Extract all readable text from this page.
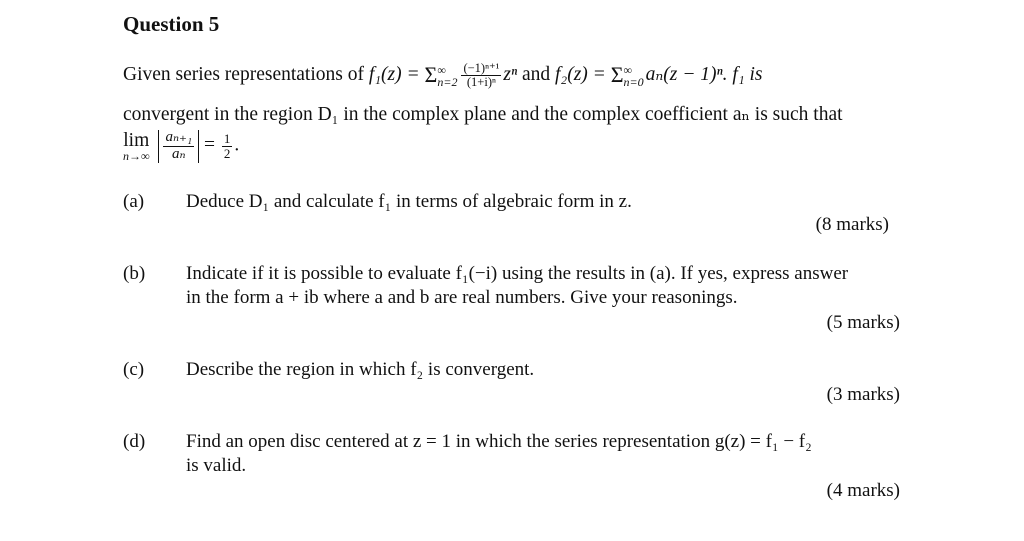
Question 5
Given series representations of f₁(z) = Σ ∞
$n=2 \frac{\text{(−1)ⁿ⁺¹}}{\text{(1+i)ⁿ}}$ zⁿ and f₂(z) = Σ ∞
n=0 aₙ(z − 1)ⁿ. f₁ is
convergent in the region D₁ in the complex plane and the complex coefficient aₙ is such that
lim
n→∞
$\frac{\text{aₙ₊₁}}{\text{aₙ}} = \frac{1}{2}$ .
(a) Deduce D₁ and calculate f₁ in terms of algebraic form in z.
(8 marks)
(b) Indicate if it is possible to evaluate f₁(−i) using the results in (a). If yes, express answer
in the form a + ib where a and b are real numbers. Give your reasonings.
(5 marks)
(c) Describe the region in which f₂ is convergent.
(3 marks)
(d) Find an open disc centered at z = 1 in which the series representation g(z) = f₁ − f₂
is valid.
(4 marks)
